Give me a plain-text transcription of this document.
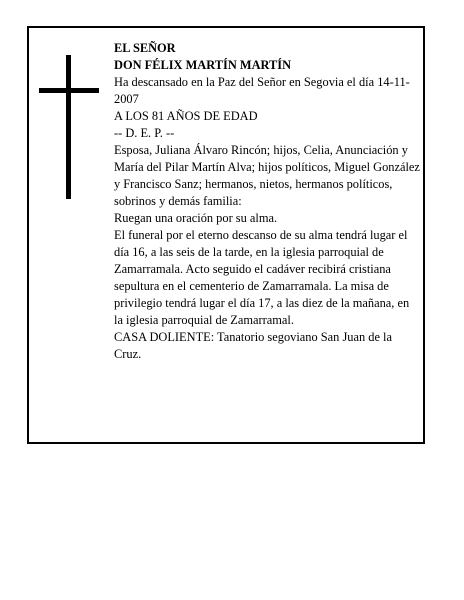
EL SEÑOR

DON FÉLIX MARTÍN MARTÍN

Ha descansado en la Paz del Señor en Segovia el día 14-11-2007

A LOS 81 AÑOS DE EDAD

-- D. E. P. --

Esposa, Juliana Álvaro Rincón; hijos, Celia, Anunciación y María del Pilar Martín Alva; hijos políticos, Miguel González y Francisco Sanz; hermanos, nietos, hermanos políticos, sobrinos y demás familia:

Ruegan una oración por su alma.

El funeral por el eterno descanso de su alma tendrá lugar el día 16, a las seis de la tarde, en la iglesia parroquial de Zamarramala. Acto seguido el cadáver recibirá cristiana sepultura en el cementerio de Zamarramala. La misa de privilegio tendrá lugar el día 17, a las diez de la mañana, en la iglesia parroquial de Zamarramal.

CASA DOLIENTE: Tanatorio segoviano San Juan de la Cruz.
